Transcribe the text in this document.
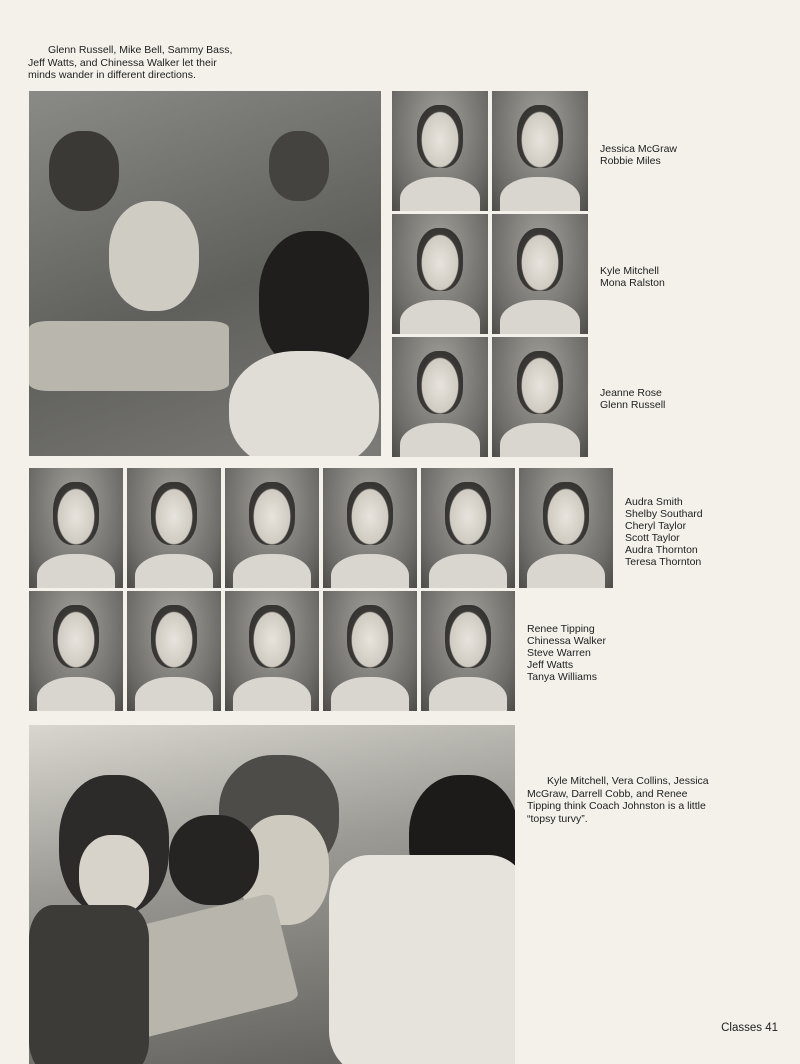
Glenn Russell, Mike Bell, Sammy Bass,
Jeff Watts, and Chinessa Walker let their
minds wander in different directions.
Jessica McGraw
Robbie Miles
Kyle Mitchell
Mona Ralston
Jeanne Rose
Glenn Russell
Audra Smith
Shelby Southard
Cheryl Taylor
Scott Taylor
Audra Thornton
Teresa Thornton
Renee Tipping
Chinessa Walker
Steve Warren
Jeff Watts
Tanya Williams
Kyle Mitchell, Vera Collins, Jessica
McGraw, Darrell Cobb, and Renee
Tipping think Coach Johnston is a little
“topsy turvy”.
Classes 41
